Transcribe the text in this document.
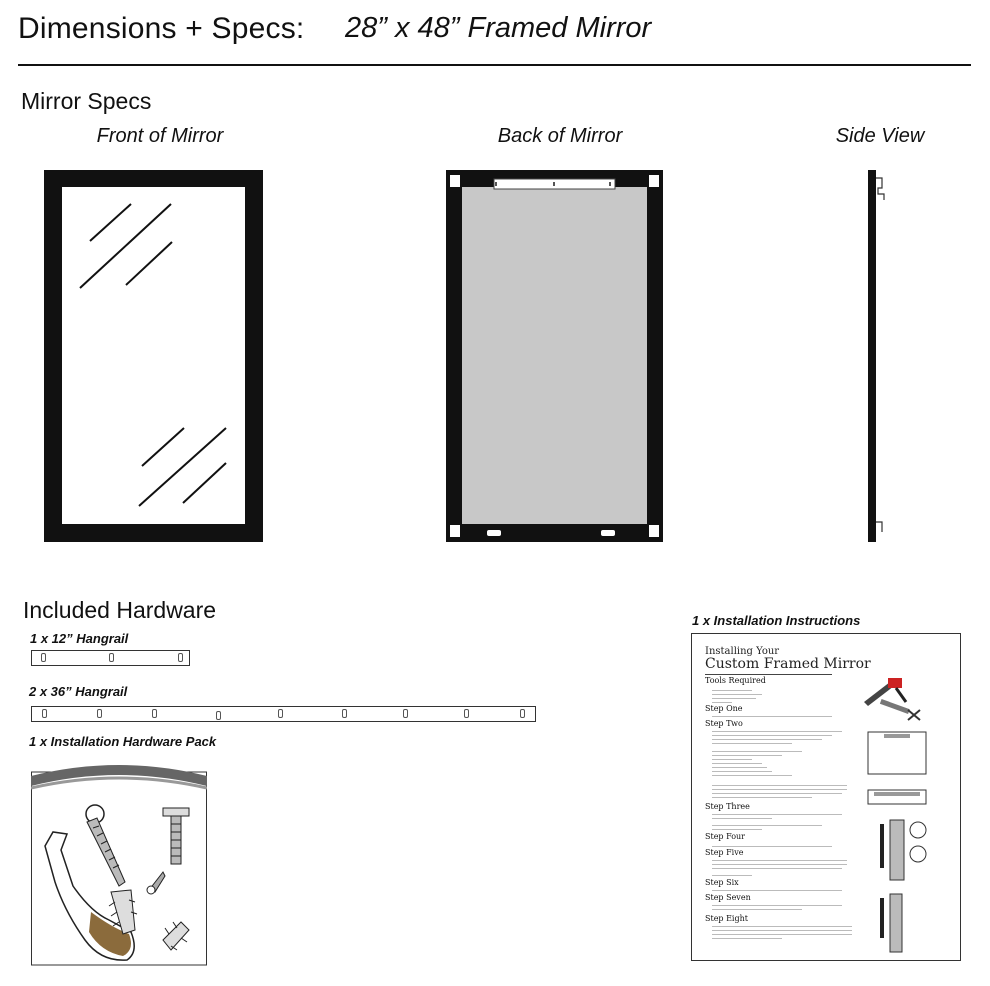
Dimensions + Specs: 28” x 48” Framed Mirror
Mirror Specs
Front of Mirror	Back of Mirror	Side View
Included Hardware
1 x 12” Hangrail
2 x 36” Hangrail
1 x Installation Hardware Pack
1 x Installation Instructions
Installing Your
Custom Framed Mirror
Tools Required
Step One
Step Two
Step Three
Step Four
Step Five
Step Six
Step Seven
Step Eight
